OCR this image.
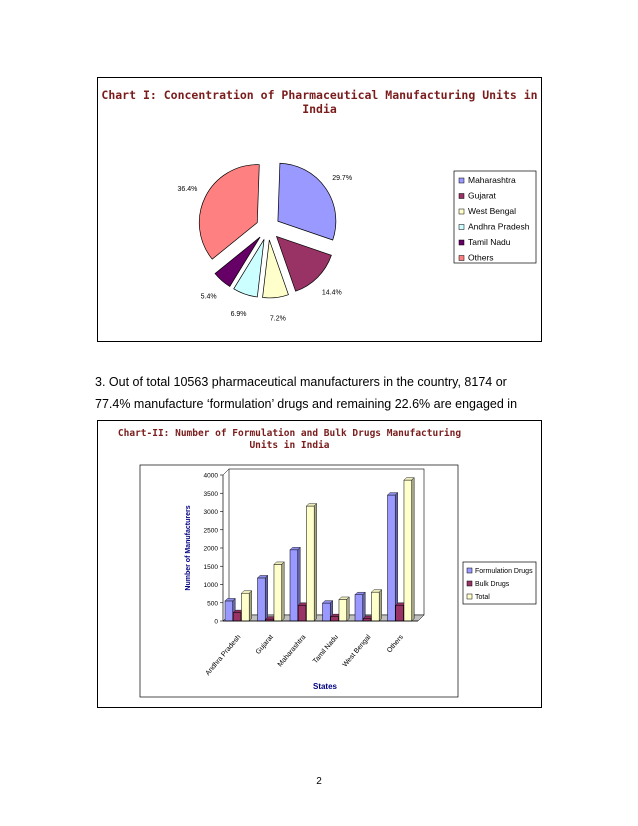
Chart I: Concentration of Pharmaceutical Manufacturing Units in
India
29.7%
14.4%
7.2%
6.9%
5.4%
36.4%
Maharashtra
Gujarat
West Bengal
Andhra Pradesh
Tamil Nadu
Others
3. Out of total 10563 pharmaceutical manufacturers in the country, 8174 or
77.4% manufacture ‘formulation’ drugs and remaining 22.6% are engaged in
Chart-II: Number of Formulation and Bulk Drugs Manufacturing
Units in India
0
500
1000
1500
2000
2500
3000
3500
4000
Number of Manufacturers
Andhra Pradesh Gujarat Maharashtra Tamil Nadu West Bengal Others
States
Formulation Drugs
Bulk Drugs
Total
2
